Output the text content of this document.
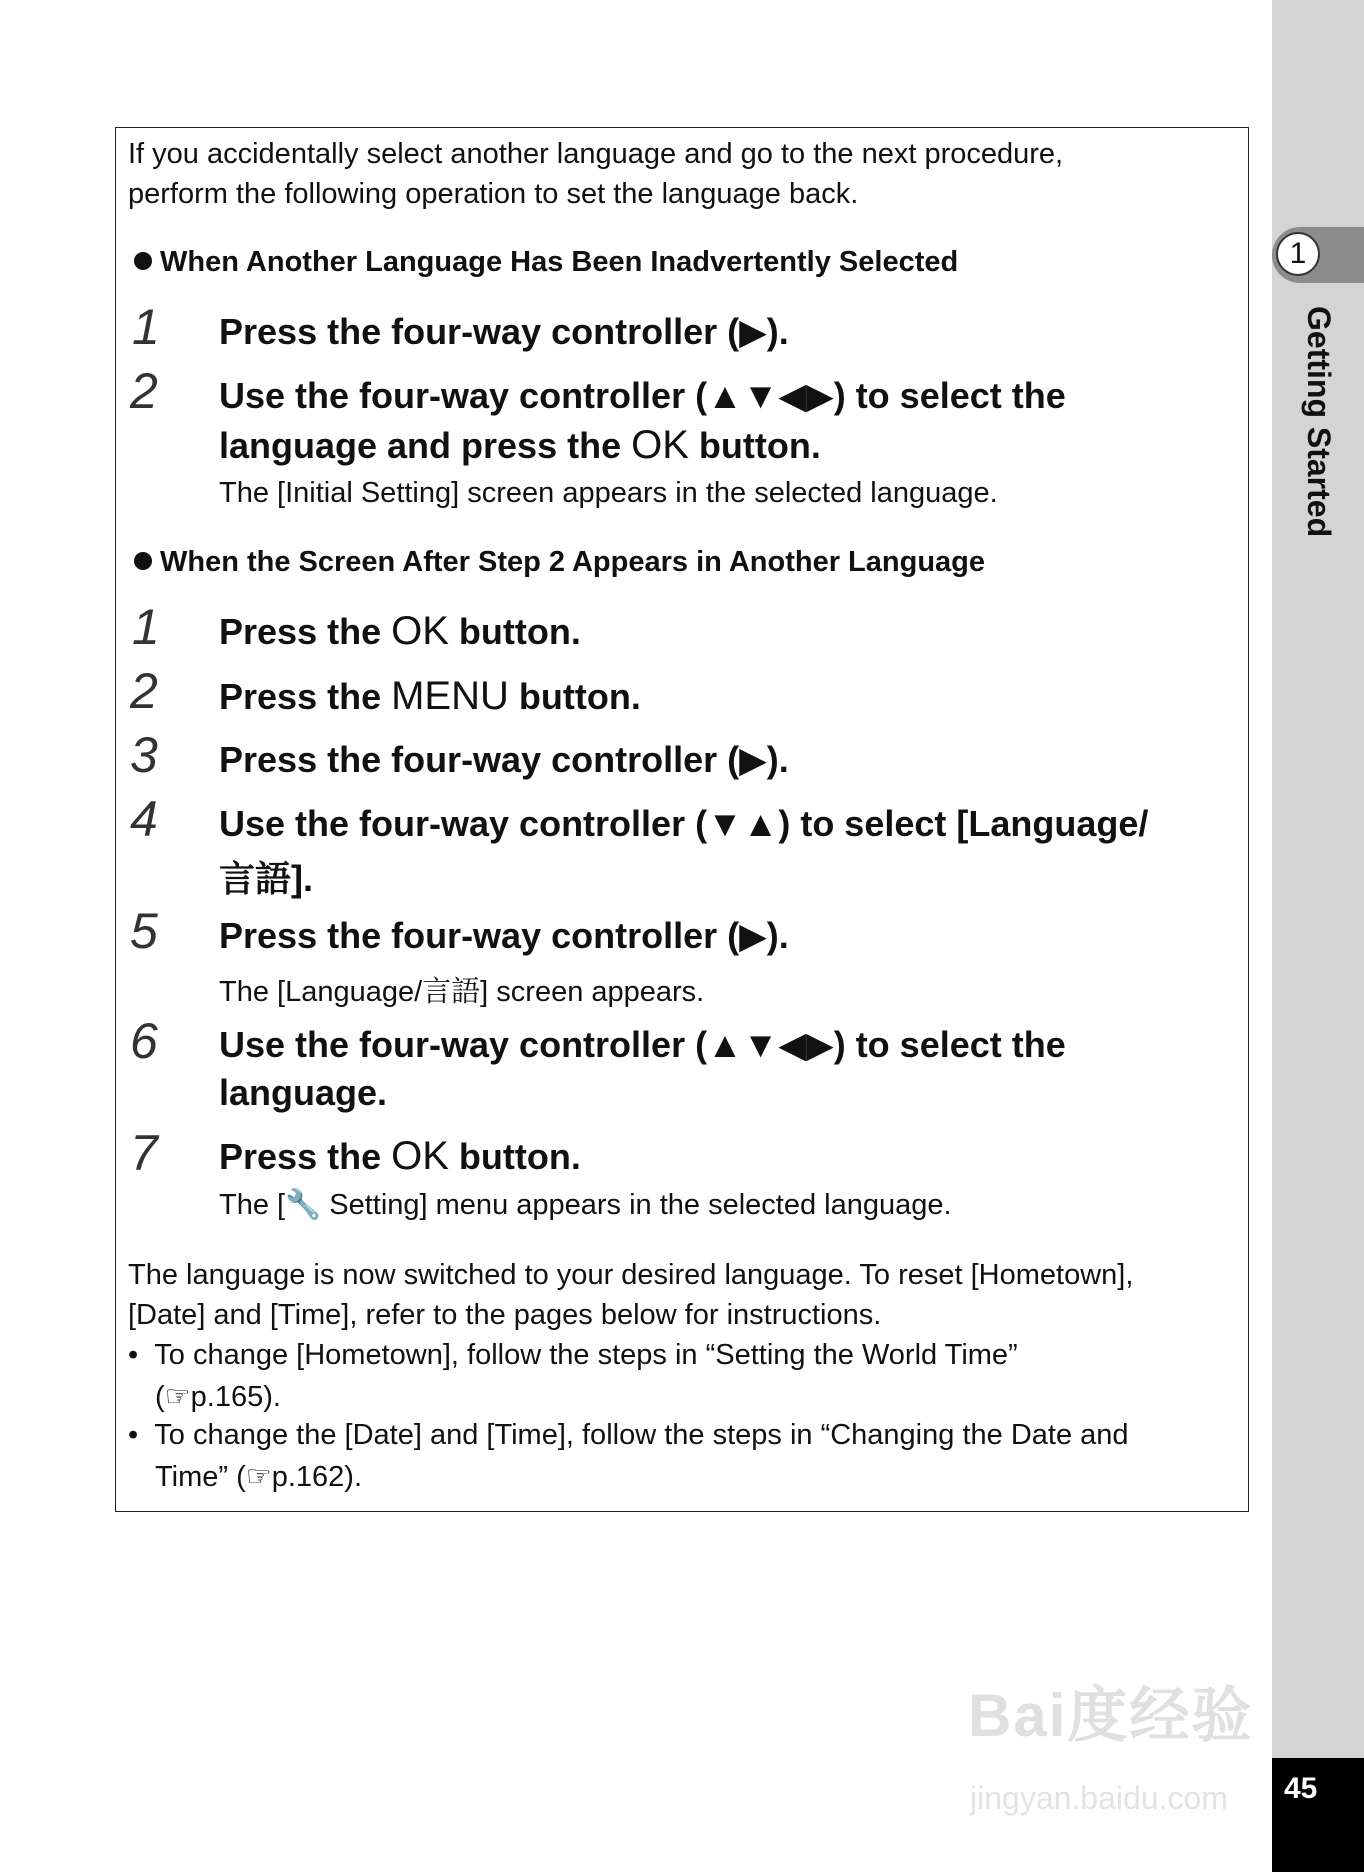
1
Getting Started
45

If you accidentally select another language and go to the next procedure,

perform the following operation to set the language back.

When Another Language Has Been Inadvertently Selected

1 Press the four-way controller (▶).

2 Use the four-way controller (▲▼◀▶) to select the

language and press the OK button.

The [Initial Setting] screen appears in the selected language.

When the Screen After Step 2 Appears in Another Language

1 Press the OK button.

2 Press the MENU button.

3 Press the four-way controller (▶).

4 Use the four-way controller (▼▲) to select [Language/

言語].

5 Press the four-way controller (▶).

The [Language/言語] screen appears.

6 Use the four-way controller (▲▼◀▶) to select the

language.

7 Press the OK button.

The [🔧 Setting] menu appears in the selected language.

The language is now switched to your desired language. To reset [Hometown],

[Date] and [Time], refer to the pages below for instructions.

•  To change [Hometown], follow the steps in “Setting the World Time”

(☞p.165).

•  To change the [Date] and [Time], follow the steps in “Changing the Date and

Time” (☞p.162).

Bai度经验
jingyan.baidu.com
